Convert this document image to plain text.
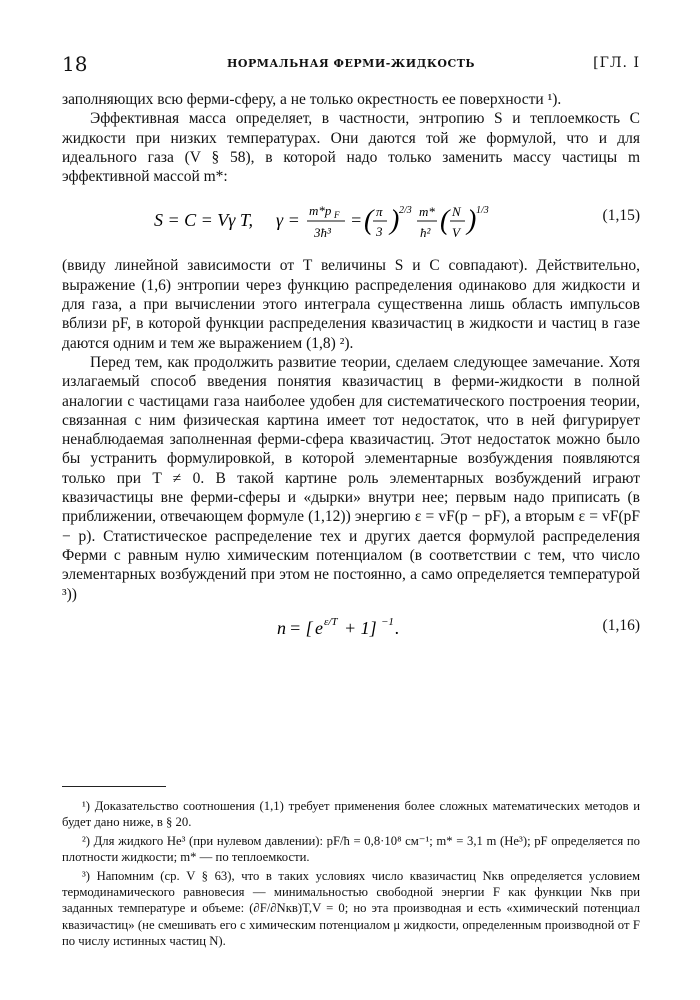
18	НОРМАЛЬНАЯ ФЕРМИ-ЖИДКОСТЬ	[ГЛ. I

заполняющих всю ферми-сферу, а не только окрестность ее поверхности ¹).

Эффективная масса определяет, в частности, энтропию S и теплоемкость C жидкости при низких температурах. Они даются той же формулой, что и для идеального газа (V § 58), в которой надо только заменить массу частицы m эффективной массой m*:

S = C = Vγ T, γ = m*p F
3ħ³
= ( π
3 ) 2/3 m*
ħ² ( N
V ) 1/3	(1,15)

(ввиду линейной зависимости от T величины S и C совпадают). Действительно, выражение (1,6) энтропии через функцию распределения одинаково для жидкости и для газа, а при вычислении этого интеграла существенна лишь область импульсов вблизи pF, в которой функции распределения квазичастиц в жидкости и частиц в газе даются одним и тем же выражением (1,8) ²).

Перед тем, как продолжить развитие теории, сделаем следующее замечание. Хотя излагаемый способ введения понятия квазичастиц в ферми-жидкости в полной аналогии с частицами газа наиболее удобен для систематического построения теории, связанная с ним физическая картина имеет тот недостаток, что в ней фигурирует ненаблюдаемая заполненная ферми-сфера квазичастиц. Этот недостаток можно было бы устранить формулировкой, в которой элементарные возбуждения появляются только при T ≠ 0. В такой картине роль элементарных возбуждений играют квазичастицы вне ферми-сферы и «дырки» внутри нее; первым надо приписать (в приближении, отвечающем формуле (1,12)) энергию ε = vF(p − pF), а вторым ε = vF(pF − p). Статистическое распределение тех и других дается формулой распределения Ферми с равным нулю химическим потенциалом (в соответствии с тем, что число элементарных возбуждений при этом не постоянно, а само определяется температурой ³))

n = [ e ε/T + 1] −1 .	(1,16)

¹) Доказательство соотношения (1,1) требует применения более сложных математических методов и будет дано ниже, в § 20.

²) Для жидкого He³ (при нулевом давлении): pF/ħ = 0,8·10⁸ см⁻¹; m* = 3,1 m (He³); pF определяется по плотности жидкости; m* — по теплоемкости.

³) Напомним (ср. V § 63), что в таких условиях число квазичастиц Nкв определяется условием термодинамического равновесия — минимальностью свободной энергии F как функции Nкв при заданных температуре и объеме: (∂F/∂Nкв)T,V = 0; но эта производная и есть «химический потенциал квазичастиц» (не смешивать его с химическим потенциалом μ жидкости, определенным производной от F по числу истинных частиц N).
